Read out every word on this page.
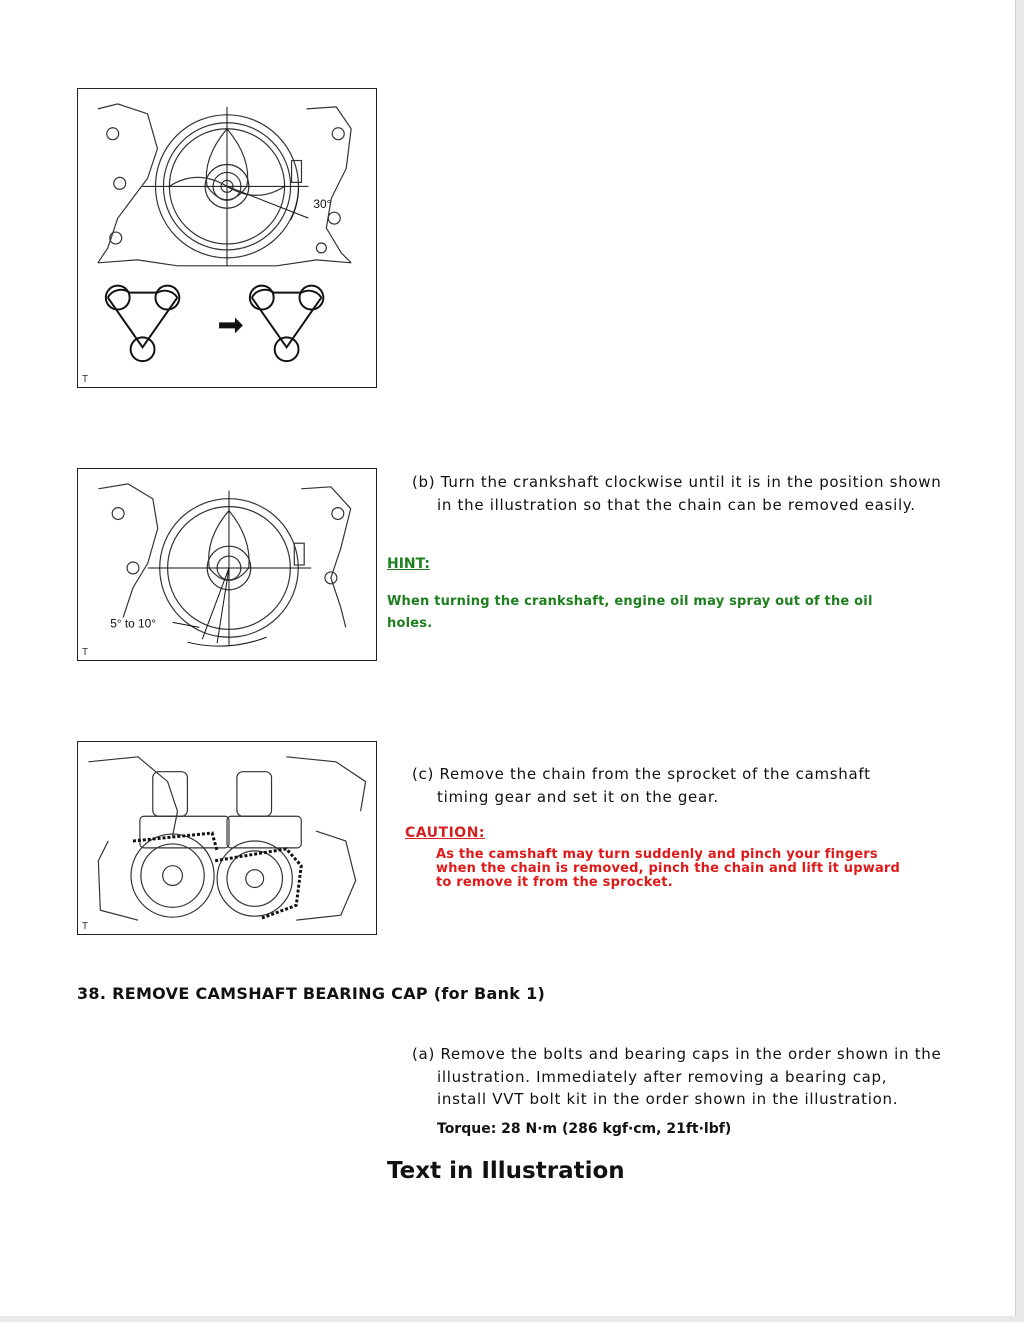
30°
T
5° to 10°
T
T
(b) Turn the crankshaft clockwise until it is in the position shown in the illustration so that the chain can be removed easily.
HINT:
When turning the crankshaft, engine oil may spray out of the oil holes.
(c) Remove the chain from the sprocket of the camshaft timing gear and set it on the gear.
CAUTION:
As the camshaft may turn suddenly and pinch your fingers
when the chain is removed, pinch the chain and lift it upward
to remove it from the sprocket.
38. REMOVE CAMSHAFT BEARING CAP (for Bank 1)
(a) Remove the bolts and bearing caps in the order shown in the illustration. Immediately after removing a bearing cap, install VVT bolt kit in the order shown in the illustration.
Torque: 28 N·m (286 kgf·cm, 21ft·lbf)
Text in Illustration
